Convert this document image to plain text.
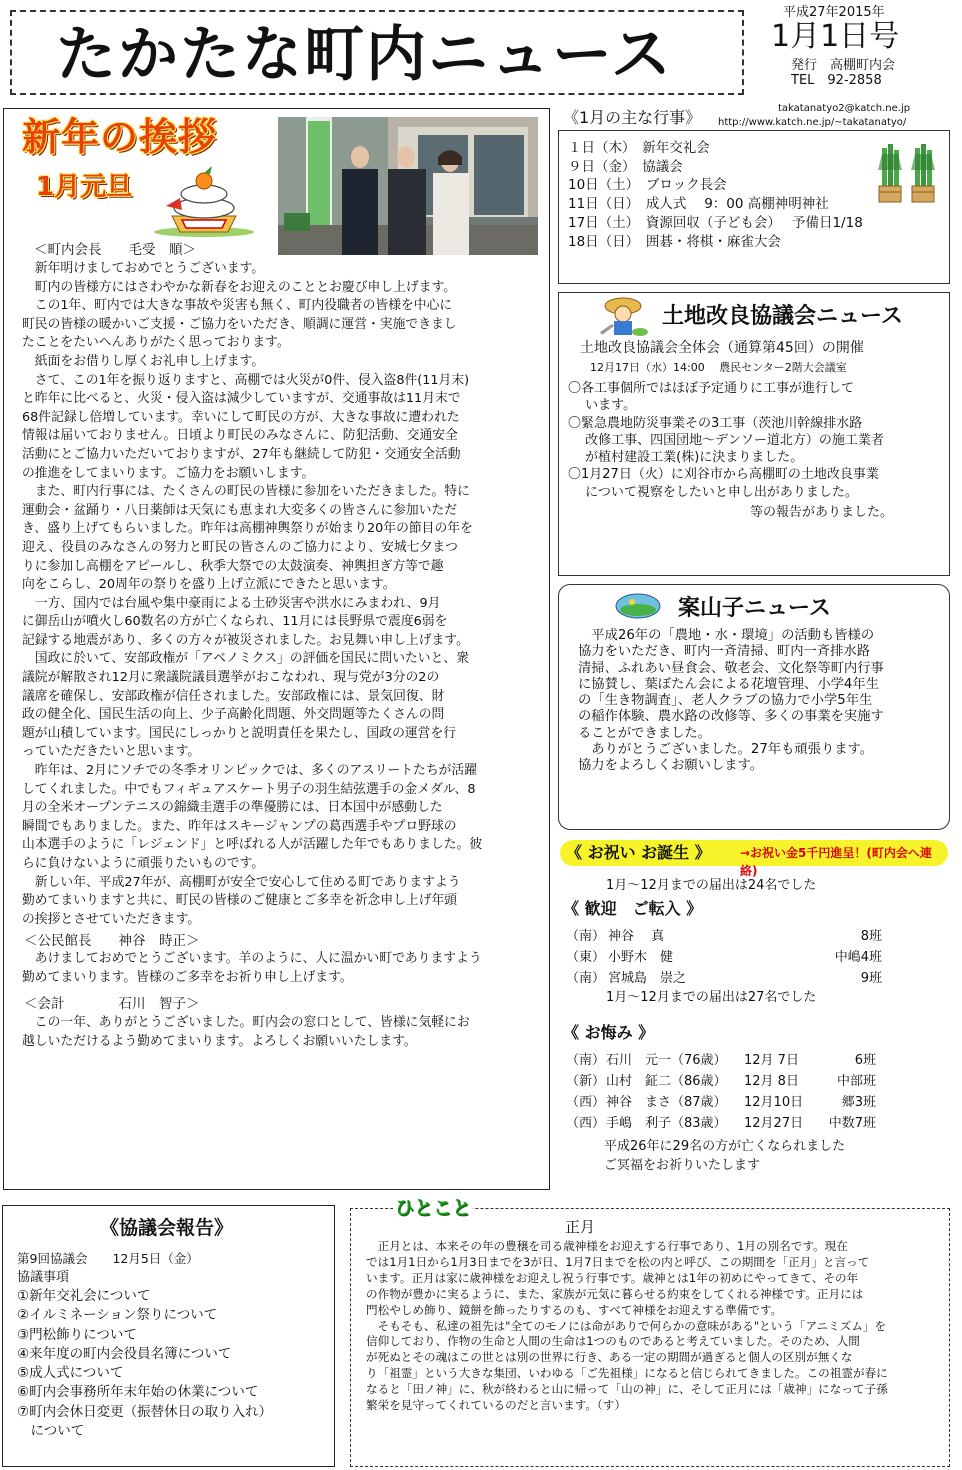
たかたな町内ニュース
平成27年2015年
1月1日号
発行　高棚町内会
TEL　92-2858
takatanatyo2@katch.ne.jp
http://www.katch.ne.jp/~takatanatyo/
新年の挨拶
1月元旦
＜町内会長　　毛受　順＞
　新年明けましておめでとうございます。
　町内の皆様方にはさわやかな新春をお迎えのこととお慶び申し上げます。
　この1年、町内では大きな事故や災害も無く、町内役職者の皆様を中心に
町民の皆様の暖かいご支援・ご協力をいただき、順調に運営・実施できまし
たことをたいへんありがたく思っております。
　紙面をお借りし厚くお礼申し上げます。
　さて、この1年を振り返りますと、高棚では火災が0件、侵入盗8件(11月末)
と昨年に比べると、火災・侵入盗は減少していますが、交通事故は11月末で
68件記録し倍増しています。幸いにして町民の方が、大きな事故に遭われた
情報は届いておりません。日頃より町民のみなさんに、防犯活動、交通安全
活動にとご協力いただいておりますが、27年も継続して防犯・交通安全活動
の推進をしてまいります。ご協力をお願いします。
　また、町内行事には、たくさんの町民の皆様に参加をいただきました。特に
運動会・盆踊り・八日薬師は天気にも恵まれ大変多くの皆さんに参加いただ
き、盛り上げてもらいました。昨年は高棚神輿祭りが始まり20年の節目の年を
迎え、役員のみなさんの努力と町民の皆さんのご協力により、安城七夕まつ
りに参加し高棚をアピールし、秋季大祭での太鼓演奏、神輿担ぎ方等で趣
向をこらし、20周年の祭りを盛り上げ立派にできたと思います。
　一方、国内では台風や集中豪雨による土砂災害や洪水にみまわれ、9月
に御岳山が噴火し60数名の方が亡くなられ、11月には長野県で震度6弱を
記録する地震があり、多くの方々が被災されました。お見舞い申し上げます。
　国政に於いて、安部政権が「アベノミクス」の評価を国民に問いたいと、衆
議院が解散され12月に衆議院議員選挙がおこなわれ、現与党が3分の2の
議席を確保し、安部政権が信任されました。安部政権には、景気回復、財
政の健全化、国民生活の向上、少子高齢化問題、外交問題等たくさんの問
題が山積しています。国民にしっかりと説明責任を果たし、国政の運営を行
っていただきたいと思います。
　昨年は、2月にソチでの冬季オリンピックでは、多くのアスリートたちが活躍
してくれました。中でもフィギュアスケート男子の羽生結弦選手の金メダル、8
月の全米オープンテニスの錦織圭選手の準優勝には、日本国中が感動した
瞬間でもありました。また、昨年はスキージャンプの葛西選手やプロ野球の
山本選手のように「レジェンド」と呼ばれる人が活躍した年でもありました。彼
らに負けないように頑張りたいものです。
　新しい年、平成27年が、高棚町が安全で安心して住める町でありますよう
勤めてまいりますと共に、町民の皆様のご健康とご多幸を祈念申し上げ年頭
の挨拶とさせていただきます。
＜公民館長　　神谷　時正＞
　あけましておめでとうございます。羊のように、人に温かい町でありますよう
勤めてまいります。皆様のご多幸をお祈り申し上げます。
＜会計　　　　石川　智子＞
　この一年、ありがとうございました。町内会の窓口として、皆様に気軽にお
越しいただけるよう勤めてまいります。よろしくお願いいたします。
《1月の主な行事》
１日（木）　新年交礼会
９日（金）　協議会
10日（土）　ブロック長会
11日（日）　成人式　 9：00 高棚神明神社
17日（土）　資源回収（子ども会）　 予備日1/18
18日（日）　囲碁・将棋・麻雀大会
土地改良協議会ニュース
土地改良協議会全体会（通算第45回）の開催
12月17日（水）14:00　 農民センター2階大会議室
〇各工事個所ではほぼ予定通りに工事が進行して
　 います。
〇緊急農地防災事業その3工事（茨池川幹線排水路
　 改修工事、四国団地～デンソー道北方）の施工業者
　 が植村建設工業(株)に決まりました。
〇1月27日（火）に刈谷市から高棚町の土地改良事業
　 について視察をしたいと申し出がありました。
　　　　　　　　　　　　　　等の報告がありました。
案山子ニュース
　平成26年の「農地・水・環境」の活動も皆様の
協力をいただき、町内一斉清掃、町内一斉排水路
清掃、ふれあい昼食会、敬老会、文化祭等町内行事
に協賛し、葉ぼたん会による花壇管理、小学4年生
の「生き物調査」、老人クラブの協力で小学5年生
の稲作体験、農水路の改修等、多くの事業を実施す
ることができました。
　ありがとうございました。27年も頑張ります。
協力をよろしくお願いします。
《 お祝い お誕生 》 →お祝い金5千円進呈！(町内会へ連絡)
1月～12月までの届出は24名でした
《 歓迎　ご転入 》
（南） 神谷　 真	8班
（東） 小野木　健	中嶋4班
（南） 宮城島　崇之	9班
1月～12月までの届出は27名でした
《 お悔み 》
（南） 石川　元一（76歳） 12月 7日	6班
（新） 山村　鉦二（86歳） 12月 8日	中部班
（西） 神谷　まさ（87歳） 12月10日	郷3班
（西） 手嶋　利子（83歳） 12月27日 中数7班
平成26年に29名の方が亡くなられました
ご冥福をお祈りいたします
《協議会報告》
第9回協議会　　12月5日（金）
協議事項
①新年交礼会について
②イルミネーション祭りについて
③門松飾りについて
④来年度の町内会役員名簿について
⑤成人式について
⑥町内会事務所年末年始の休業について
⑦町内会休日変更（振替休日の取り入れ）
　について
ひとこと
正月
　正月とは、本来その年の豊穣を司る歳神様をお迎えする行事であり、1月の別名です。現在
では1月1日から1月3日までを3が日、1月7日までを松の内と呼び、この期間を「正月」と言って
います。正月は家に歳神様をお迎えし祝う行事です。歳神とは1年の初めにやってきて、その年
の作物が豊かに実るように、また、家族が元気に暮らせる約束をしてくれる神様です。正月には
門松やしめ飾り、鏡餅を飾ったりするのも、すべて神様をお迎えする準備です。
　そもそも、私達の祖先は"全てのモノには命がありで何らかの意味がある"という「アニミズム」を
信仰しており、作物の生命と人間の生命は1つのものであると考えていました。そのため、人間
が死ぬとその魂はこの世とは別の世界に行き、ある一定の期間が過ぎると個人の区別が無くな
り「祖霊」という大きな集団、いわゆる「ご先祖様」になると信じられてきました。この祖霊が春に
なると「田ノ神」に、秋が終わると山に帰って「山の神」に、そして正月には「歳神」になって子孫
繁栄を見守ってくれているのだと言います。（す）
